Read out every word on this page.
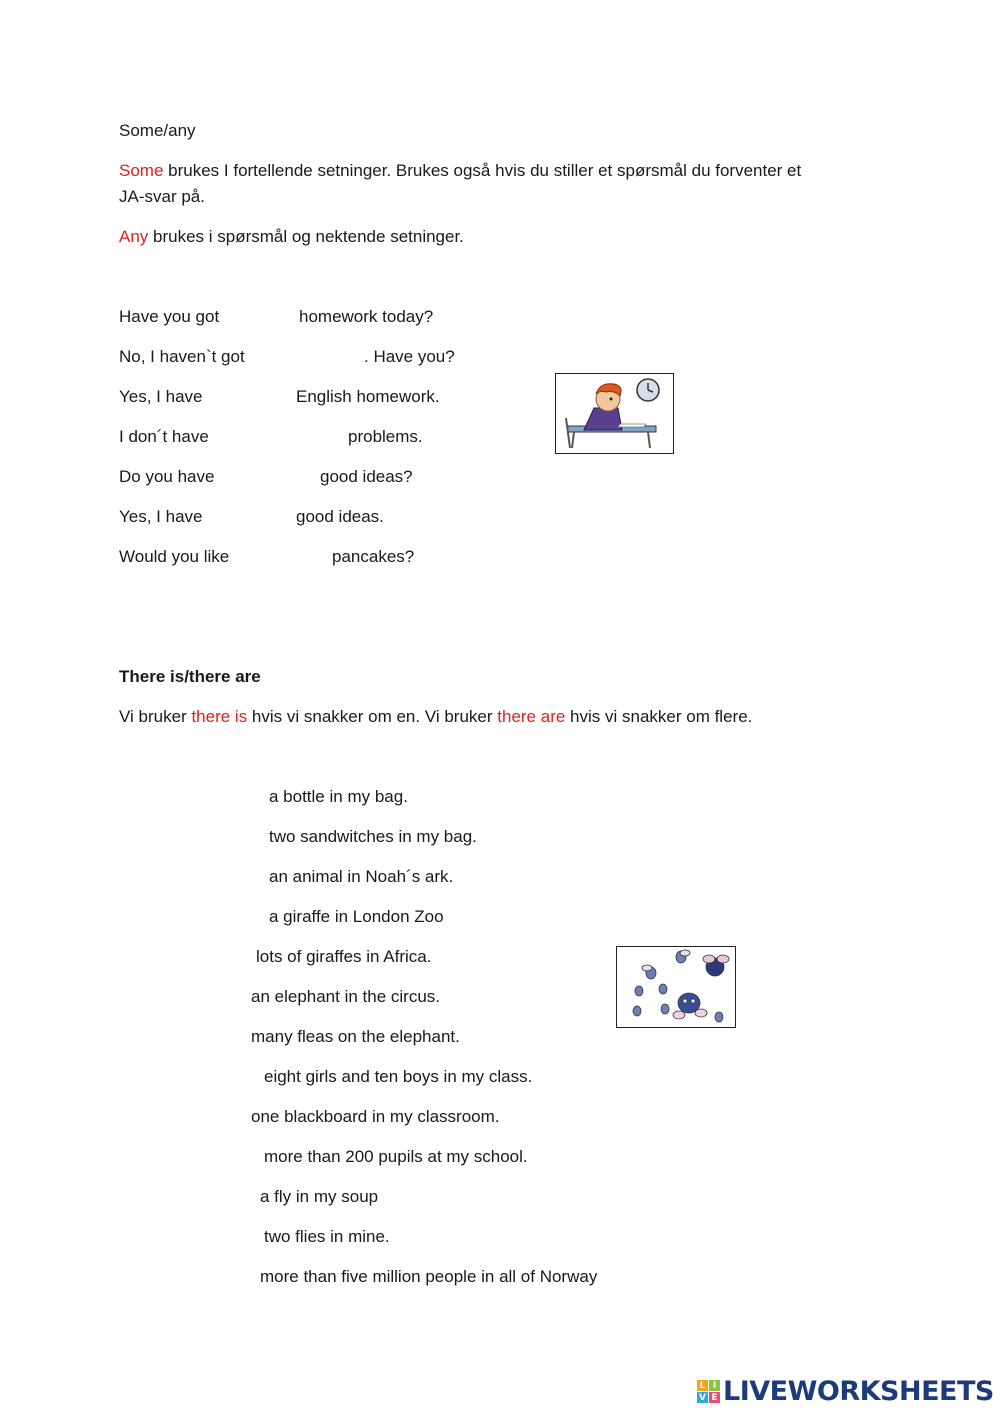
Some/any
Some brukes I fortellende setninger. Brukes også hvis du stiller et spørsmål du forventer et
JA-svar på.
Any brukes i spørsmål og nektende setninger.
Have you got	homework today?
No, I haven`t got	. Have you?
Yes, I have	English homework.
I don´t have	problems.
Do you have	good ideas?
Yes, I have	good ideas.
Would you like	pancakes?
There is/there are
Vi bruker there is hvis vi snakker om en. Vi bruker there are hvis vi snakker om flere.
a bottle in my bag.
two sandwitches in my bag.
an animal in Noah´s ark.
a giraffe in London Zoo
lots of giraffes in Africa.
an elephant in the circus.
many fleas on the elephant.
eight girls and ten boys in my class.
one blackboard in my classroom.
more than 200 pupils at my school.
a fly in my soup
two flies in mine.
more than five million people in all of Norway
L I
V E LIVEWORKSHEETS
